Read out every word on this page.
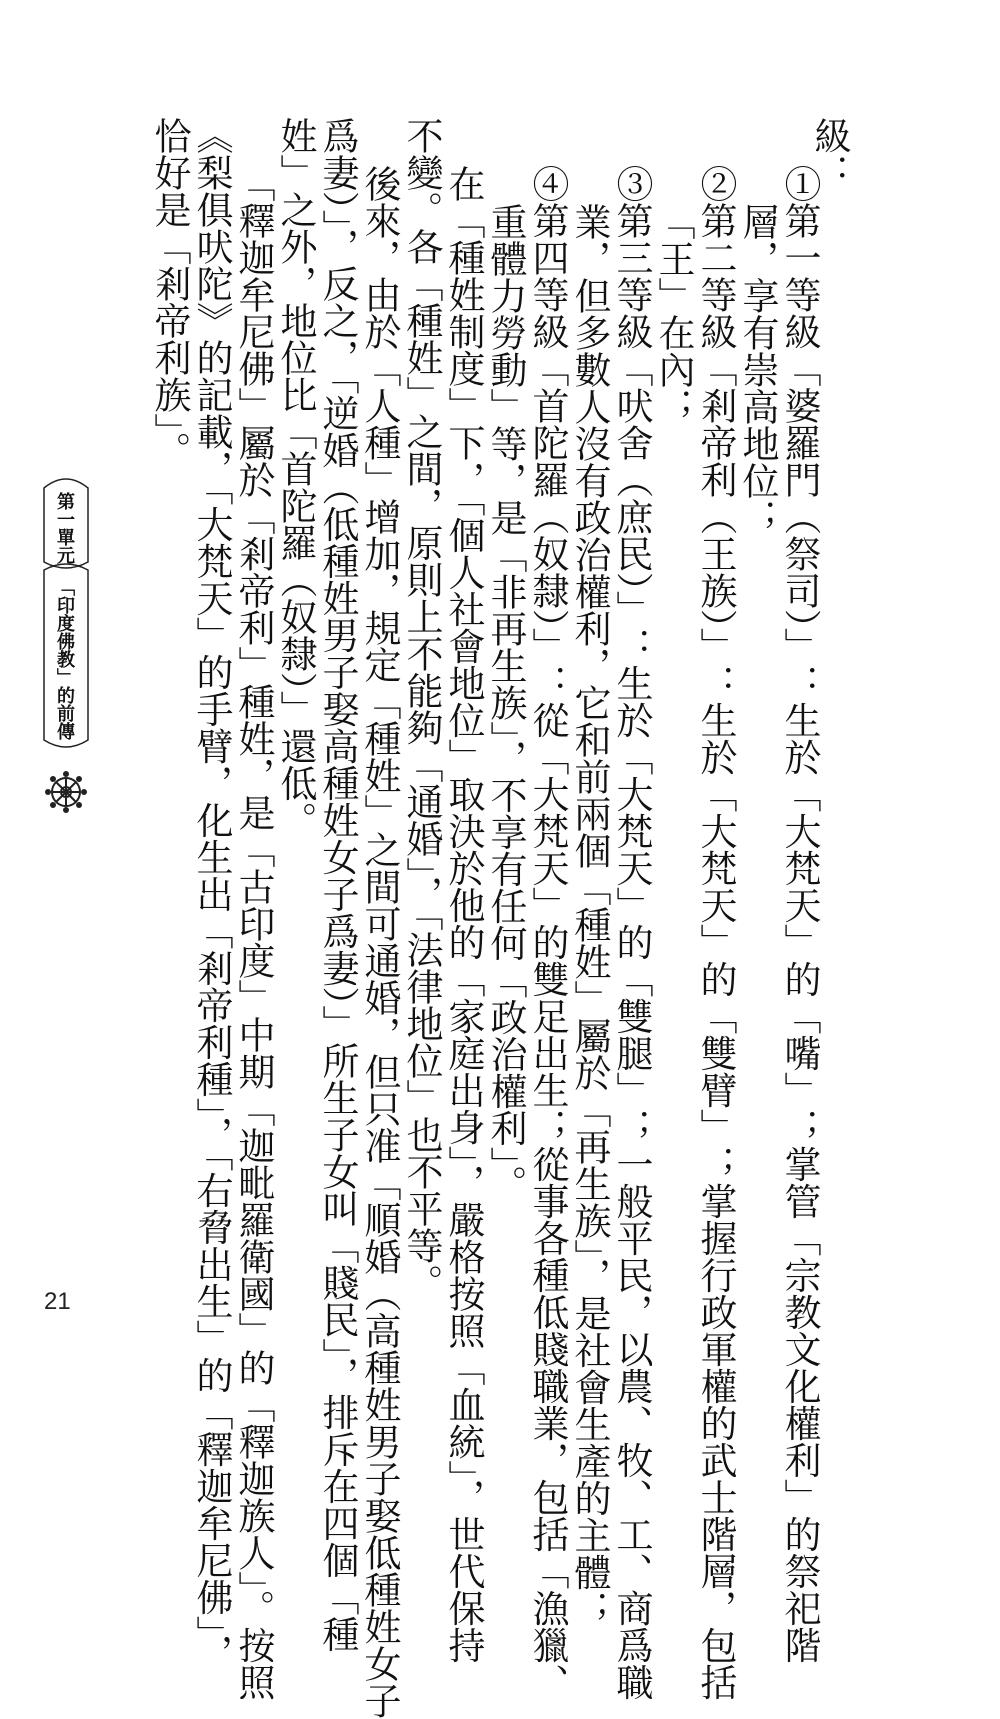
級：
①第一等級「婆羅門（祭司）」：生於「大梵天」的「嘴」；掌管「宗教文化權利」的祭祀階
層，享有崇高地位；
②第二等級「剎帝利（王族）」：生於「大梵天」的「雙臂」；掌握行政軍權的武士階層，包括
「王」在內；
③第三等級「吠舍（庶民）」：生於「大梵天」的「雙腿」；一般平民，以農、牧、工、商爲職
業，但多數人沒有政治權利，它和前兩個「種姓」屬於「再生族」，是社會生產的主體；
④第四等級「首陀羅（奴隸）」：從「大梵天」的雙足出生；從事各種低賤職業，包括「漁獵、
重體力勞動」等，是「非再生族」，不享有任何「政治權利」。
在「種姓制度」下，「個人社會地位」取決於他的「家庭出身」，嚴格按照「血統」，世代保持
不變。各「種姓」之間，原則上不能夠「通婚」，「法律地位」也不平等。
後來，由於「人種」增加，規定「種姓」之間可通婚，但只准「順婚（高種姓男子娶低種姓女子
爲妻）」，反之，「逆婚（低種姓男子娶高種姓女子爲妻）」所生子女叫「賤民」，排斥在四個「種
姓」之外，地位比「首陀羅（奴隸）」還低。
「釋迦牟尼佛」屬於「剎帝利」種姓，是「古印度」中期「迦毗羅衛國」的「釋迦族人」。按照
《梨俱吠陀》的記載，「大梵天」的手臂，化生出「剎帝利種」，「右脅出生」的「釋迦牟尼佛」，
恰好是「剎帝利族」。
第一單元
「印度佛教」的前傳
21
